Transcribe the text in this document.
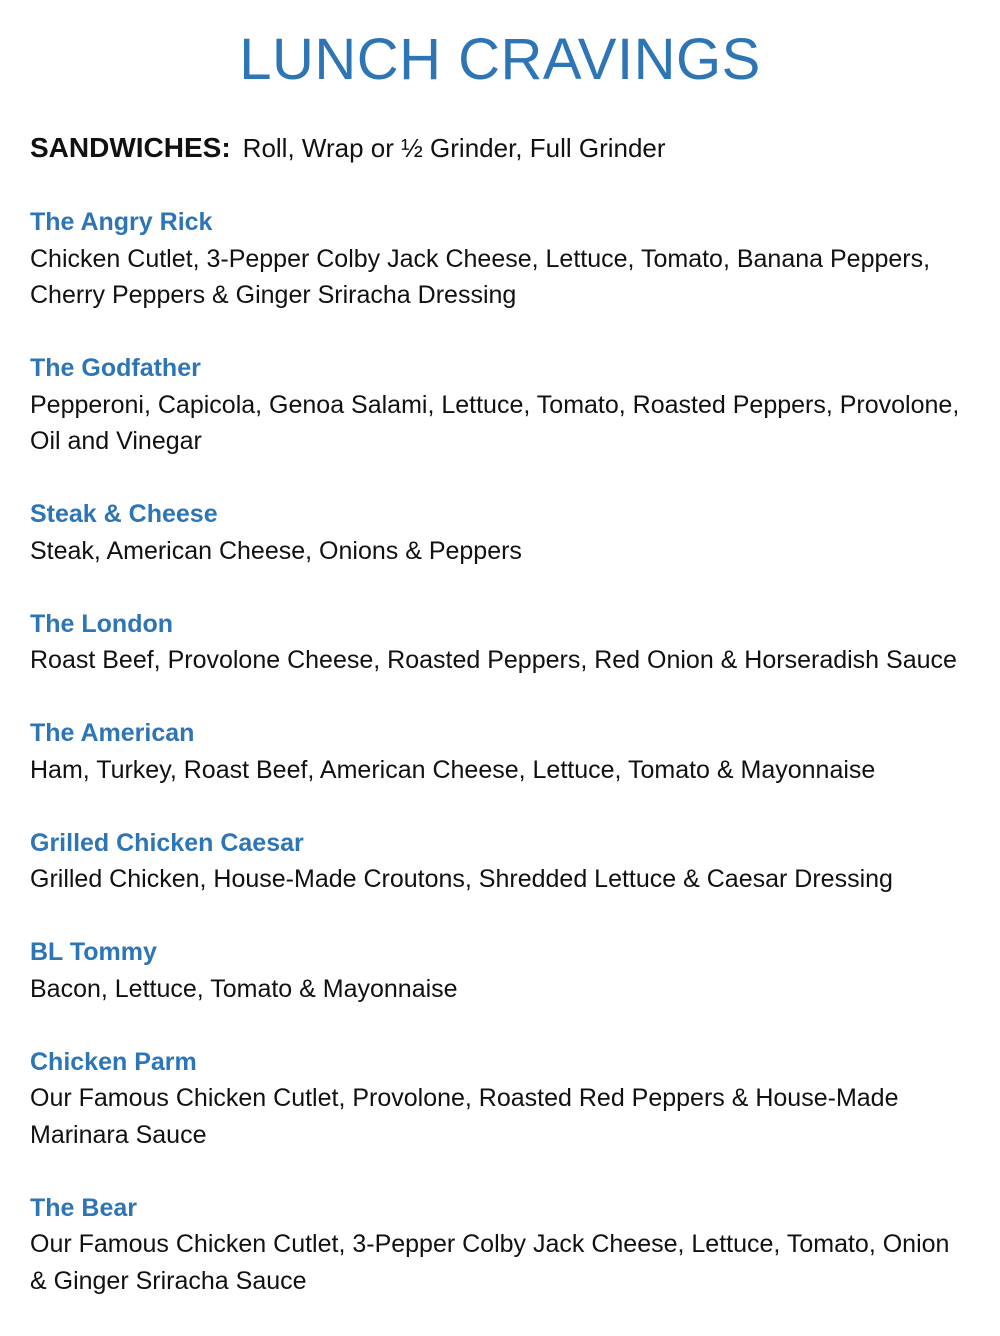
LUNCH CRAVINGS
SANDWICHES: Roll, Wrap or ½ Grinder, Full Grinder
The Angry Rick
Chicken Cutlet, 3-Pepper Colby Jack Cheese, Lettuce, Tomato, Banana Peppers, Cherry Peppers & Ginger Sriracha Dressing
The Godfather
Pepperoni, Capicola, Genoa Salami, Lettuce, Tomato, Roasted Peppers, Provolone, Oil and Vinegar
Steak & Cheese
Steak, American Cheese, Onions & Peppers
The London
Roast Beef, Provolone Cheese, Roasted Peppers, Red Onion & Horseradish Sauce
The American
Ham, Turkey, Roast Beef, American Cheese, Lettuce, Tomato & Mayonnaise
Grilled Chicken Caesar
Grilled Chicken, House-Made Croutons, Shredded Lettuce & Caesar Dressing
BL Tommy
Bacon, Lettuce, Tomato & Mayonnaise
Chicken Parm
Our Famous Chicken Cutlet, Provolone, Roasted Red Peppers & House-Made Marinara Sauce
The Bear
Our Famous Chicken Cutlet, 3-Pepper Colby Jack Cheese, Lettuce, Tomato, Onion & Ginger Sriracha Sauce
